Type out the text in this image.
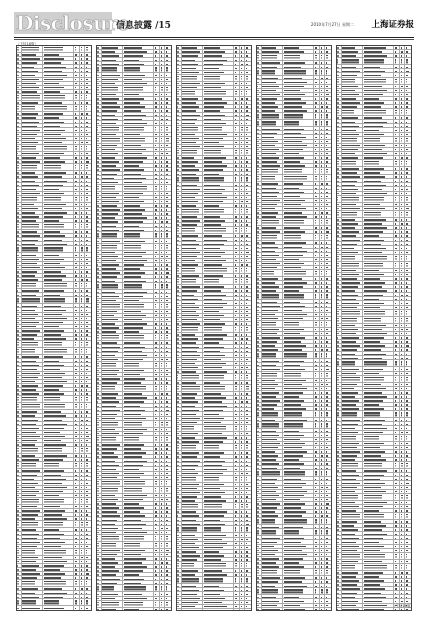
Disclosure
信息披露 /15	2010年7月27日 星期二 上海证券报
（下转16版）
（下转16版）
